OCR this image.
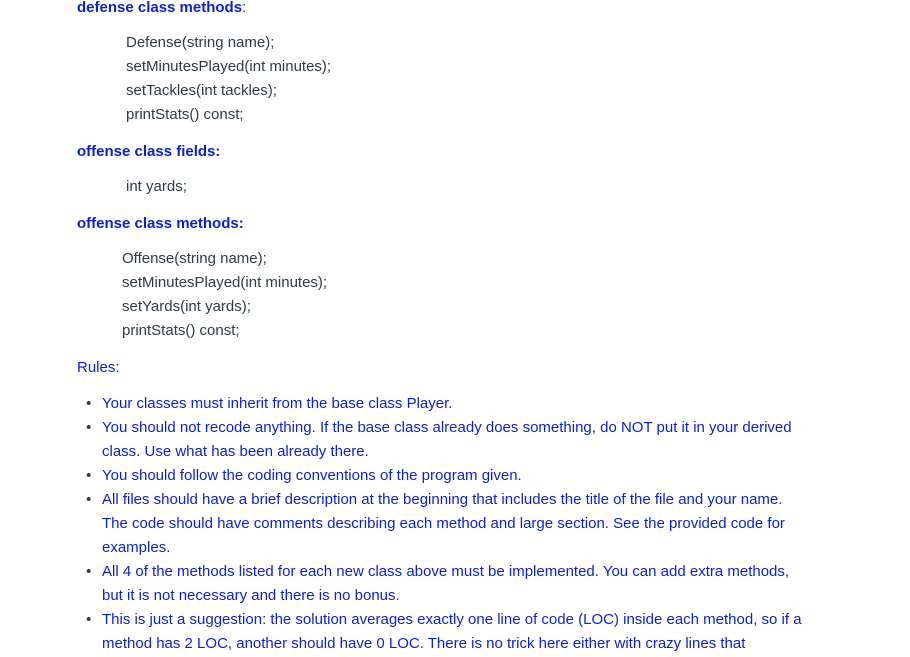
defense class methods:
Defense(string name);
setMinutesPlayed(int minutes);
setTackles(int tackles);
printStats() const;
offense class fields:
int yards;
offense class methods:
Offense(string name);
setMinutesPlayed(int minutes);
setYards(int yards);
printStats() const;
Rules:
• Your classes must inherit from the base class Player.
• You should not recode anything. If the base class already does something, do NOT put it in your derived class. Use what has been already there.
• You should follow the coding conventions of the program given.
• All files should have a brief description at the beginning that includes the title of the file and your name. The code should have comments describing each method and large section. See the provided code for examples.
• All 4 of the methods listed for each new class above must be implemented. You can add extra methods, but it is not necessary and there is no bonus.
• This is just a suggestion: the solution averages exactly one line of code (LOC) inside each method, so if a method has 2 LOC, another should have 0 LOC. There is no trick here either with crazy lines that
